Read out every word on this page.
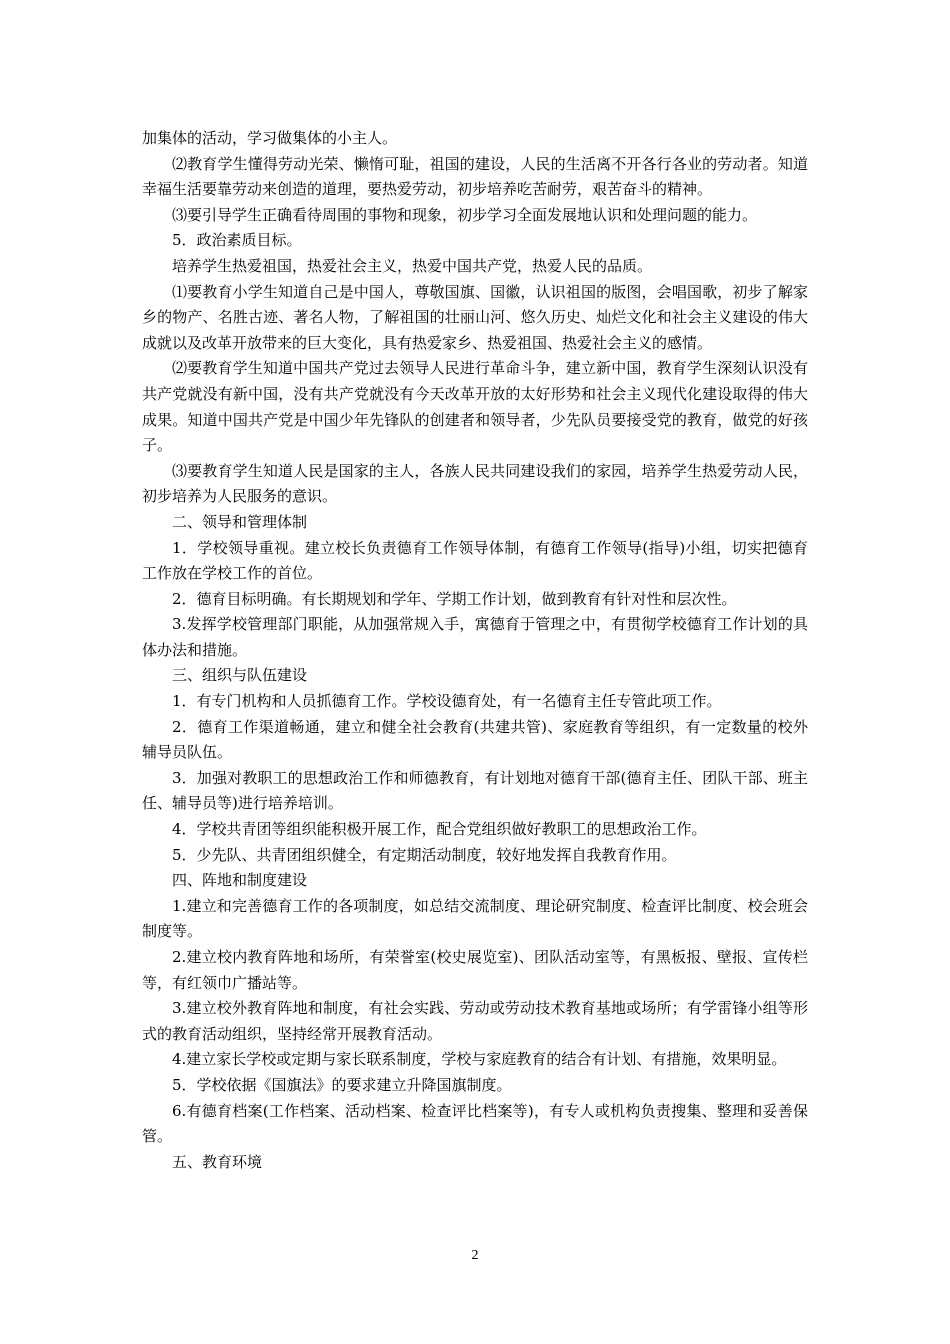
加集体的活动，学习做集体的小主人。

⑵教育学生懂得劳动光荣、懒惰可耻，祖国的建设，人民的生活离不开各行各业的劳动者。知道幸福生活要靠劳动来创造的道理，要热爱劳动，初步培养吃苦耐劳，艰苦奋斗的精神。

⑶要引导学生正确看待周围的事物和现象，初步学习全面发展地认识和处理问题的能力。

5．政治素质目标。

培养学生热爱祖国，热爱社会主义，热爱中国共产党，热爱人民的品质。

⑴要教育小学生知道自己是中国人，尊敬国旗、国徽，认识祖国的版图，会唱国歌，初步了解家乡的物产、名胜古迹、著名人物，了解祖国的壮丽山河、悠久历史、灿烂文化和社会主义建设的伟大成就以及改革开放带来的巨大变化，具有热爱家乡、热爱祖国、热爱社会主义的感情。

⑵要教育学生知道中国共产党过去领导人民进行革命斗争，建立新中国，教育学生深刻认识没有共产党就没有新中国，没有共产党就没有今天改革开放的太好形势和社会主义现代化建设取得的伟大成果。知道中国共产党是中国少年先锋队的创建者和领导者，少先队员要接受党的教育，做党的好孩子。

⑶要教育学生知道人民是国家的主人，各族人民共同建设我们的家园，培养学生热爱劳动人民，初步培养为人民服务的意识。

二、领导和管理体制

1．学校领导重视。建立校长负责德育工作领导体制，有德育工作领导(指导)小组，切实把德育工作放在学校工作的首位。

2．德育目标明确。有长期规划和学年、学期工作计划，做到教育有针对性和层次性。

3.发挥学校管理部门职能，从加强常规入手，寓德育于管理之中，有贯彻学校德育工作计划的具体办法和措施。

三、组织与队伍建设

1．有专门机构和人员抓德育工作。学校设德育处，有一名德育主任专管此项工作。

2．德育工作渠道畅通，建立和健全社会教育(共建共管)、家庭教育等组织，有一定数量的校外辅导员队伍。

3．加强对教职工的思想政治工作和师德教育，有计划地对德育干部(德育主任、团队干部、班主任、辅导员等)进行培养培训。

4．学校共青团等组织能积极开展工作，配合党组织做好教职工的思想政治工作。

5．少先队、共青团组织健全，有定期活动制度，较好地发挥自我教育作用。

四、阵地和制度建设

1.建立和完善德育工作的各项制度，如总结交流制度、理论研究制度、检查评比制度、校会班会制度等。

2.建立校内教育阵地和场所，有荣誉室(校史展览室)、团队活动室等，有黑板报、壁报、宣传栏等，有红领巾广播站等。

3.建立校外教育阵地和制度，有社会实践、劳动或劳动技术教育基地或场所；有学雷锋小组等形式的教育活动组织，坚持经常开展教育活动。

4.建立家长学校或定期与家长联系制度，学校与家庭教育的结合有计划、有措施，效果明显。

5．学校依据《国旗法》的要求建立升降国旗制度。

6.有德育档案(工作档案、活动档案、检查评比档案等)，有专人或机构负责搜集、整理和妥善保管。

五、教育环境

2
